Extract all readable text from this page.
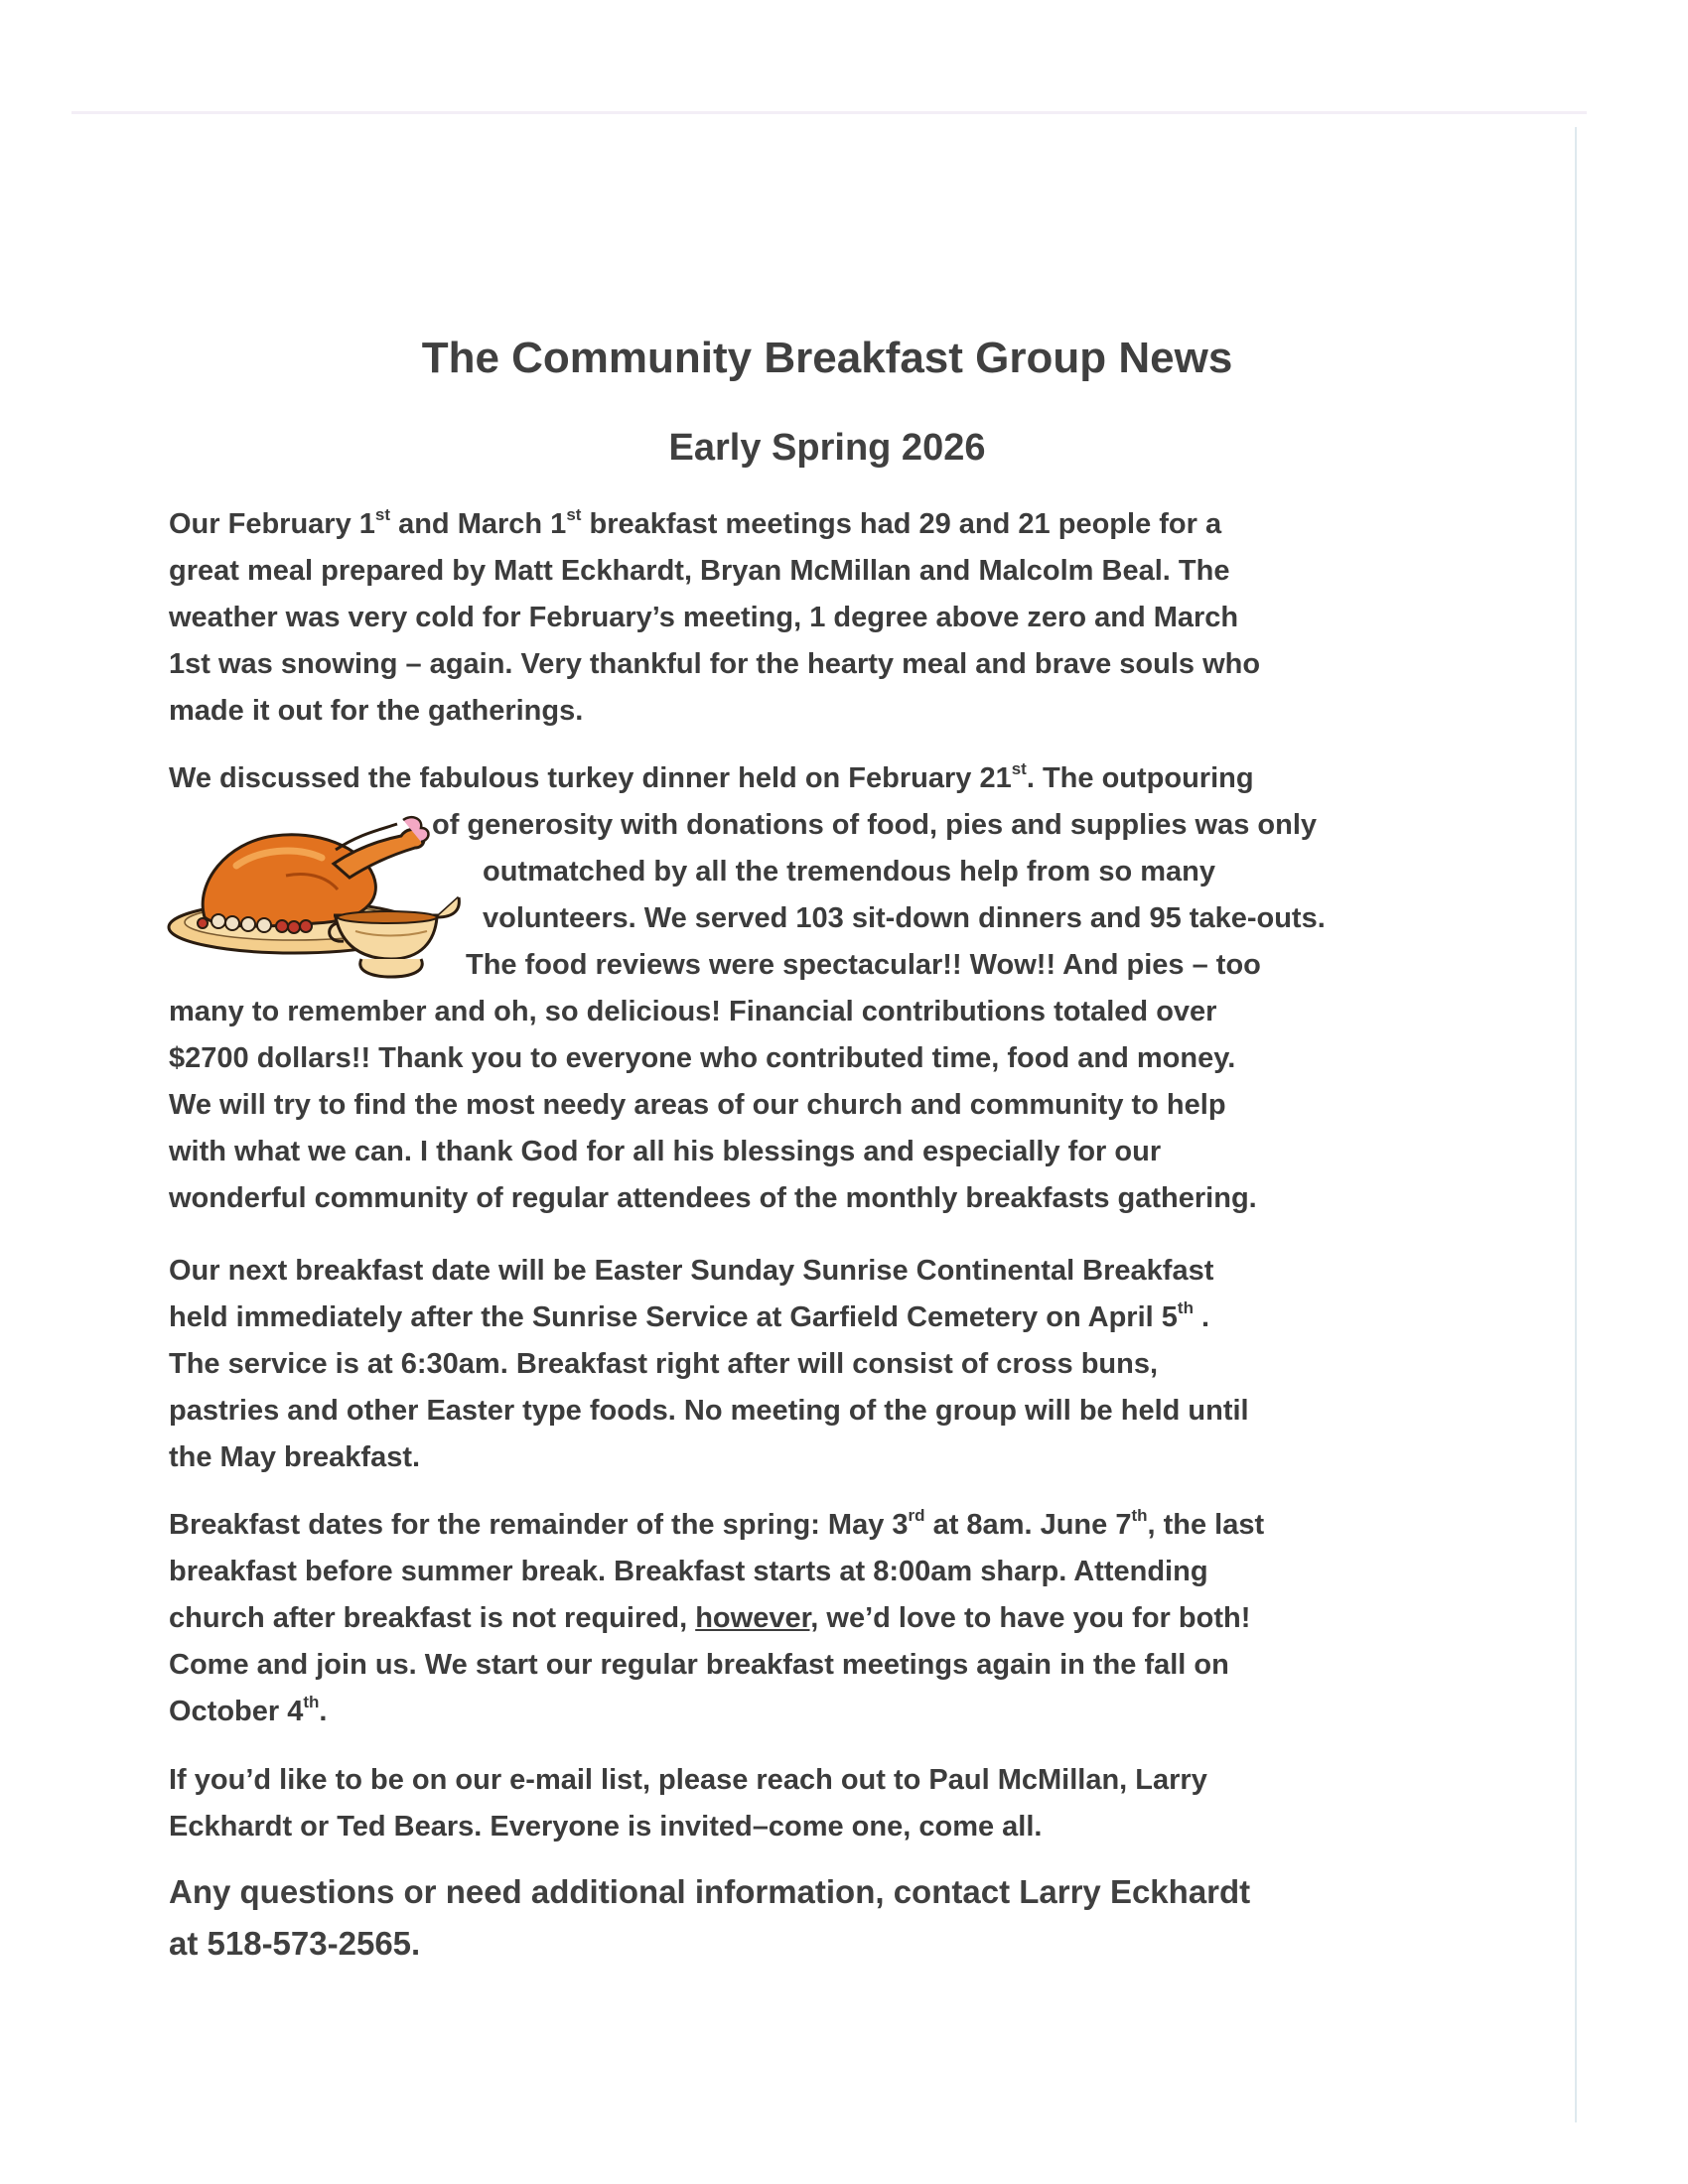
The Community Breakfast Group News
Early Spring 2026

Our February 1st and March 1st breakfast meetings had 29 and 21 people for a
great meal prepared by Matt Eckhardt, Bryan McMillan and Malcolm Beal. The
weather was very cold for February’s meeting, 1 degree above zero and March
1st was snowing – again. Very thankful for the hearty meal and brave souls who
made it out for the gatherings.

We discussed the fabulous turkey dinner held on February 21st. The outpouring
of generosity with donations of food, pies and supplies was only
outmatched by all the tremendous help from so many
volunteers. We served 103 sit-down dinners and 95 take-outs.
The food reviews were spectacular!! Wow!! And pies – too
many to remember and oh, so delicious! Financial contributions totaled over
$2700 dollars!! Thank you to everyone who contributed time, food and money.
We will try to find the most needy areas of our church and community to help
with what we can. I thank God for all his blessings and especially for our
wonderful community of regular attendees of the monthly breakfasts gathering.

Our next breakfast date will be Easter Sunday Sunrise Continental Breakfast
held immediately after the Sunrise Service at Garfield Cemetery on April 5th .
The service is at 6:30am. Breakfast right after will consist of cross buns,
pastries and other Easter type foods. No meeting of the group will be held until
the May breakfast.

Breakfast dates for the remainder of the spring: May 3rd at 8am. June 7th, the last
breakfast before summer break. Breakfast starts at 8:00am sharp. Attending
church after breakfast is not required, however, we’d love to have you for both!
Come and join us. We start our regular breakfast meetings again in the fall on
October 4th.

If you’d like to be on our e-mail list, please reach out to Paul McMillan, Larry
Eckhardt or Ted Bears. Everyone is invited–come one, come all.

Any questions or need additional information, contact Larry Eckhardt
at 518-573-2565.
